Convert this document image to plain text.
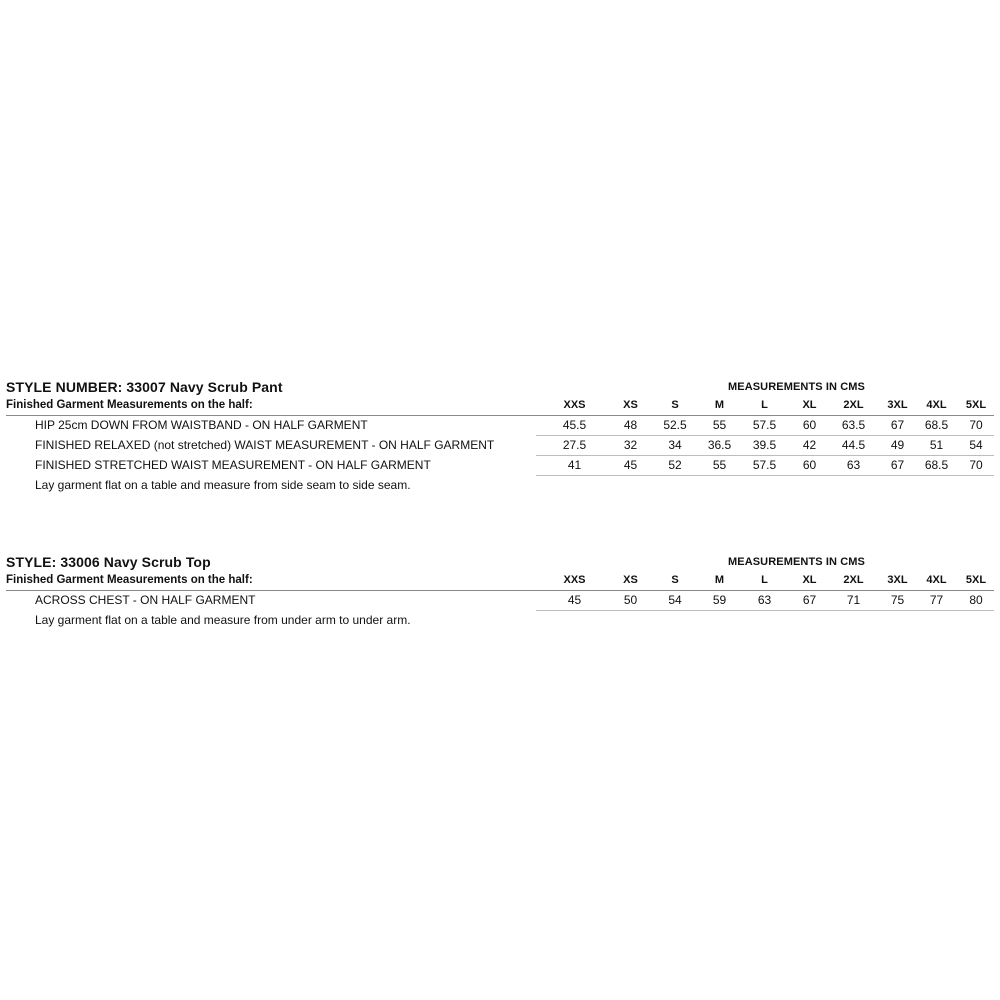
STYLE NUMBER: 33007 Navy Scrub Pant	MEASUREMENTS IN CMS
Finished Garment Measurements on the half:	XXS	XS	S	M	L	XL	2XL	3XL	4XL	5XL
HIP 25cm DOWN FROM WAISTBAND - ON HALF GARMENT	45.5	48	52.5	55	57.5	60	63.5	67	68.5	70
FINISHED RELAXED (not stretched) WAIST MEASUREMENT - ON HALF GARMENT	27.5	32	34	36.5	39.5	42	44.5	49	51	54
FINISHED STRETCHED WAIST MEASUREMENT - ON HALF GARMENT	41	45	52	55	57.5	60	63	67	68.5	70
Lay garment flat on a table and measure from side seam to side seam.
STYLE: 33006 Navy Scrub Top	MEASUREMENTS IN CMS
Finished Garment Measurements on the half:	XXS	XS	S	M	L	XL	2XL	3XL	4XL	5XL
ACROSS CHEST - ON HALF GARMENT	45	50	54	59	63	67	71	75	77	80
Lay garment flat on a table and measure from under arm to under arm.
